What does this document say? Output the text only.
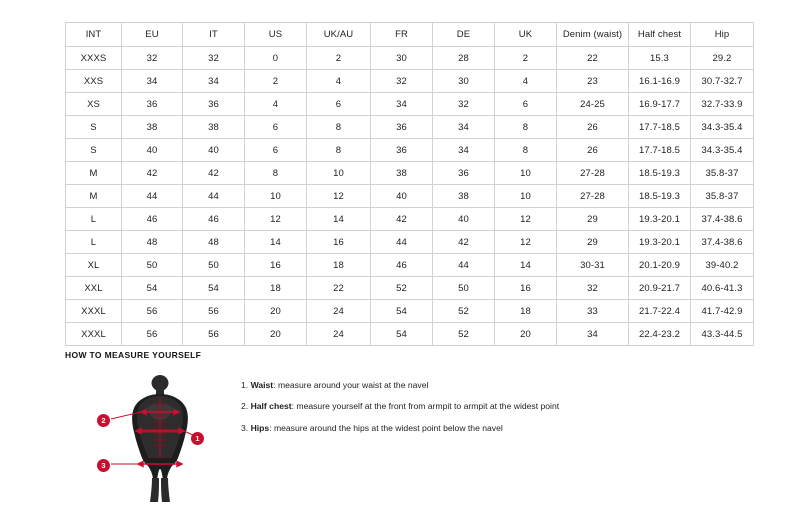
INT	EU	IT	US	UK/AU	FR	DE	UK	Denim (waist)	Half chest	Hip
XXXS	32	32	0	2	30	28	2	22	15.3	29.2
XXS	34	34	2	4	32	30	4	23	16.1-16.9	30.7-32.7
XS	36	36	4	6	34	32	6	24-25	16.9-17.7	32.7-33.9
S	38	38	6	8	36	34	8	26	17.7-18.5	34.3-35.4
S	40	40	6	8	36	34	8	26	17.7-18.5	34.3-35.4
M	42	42	8	10	38	36	10	27-28	18.5-19.3	35.8-37
M	44	44	10	12	40	38	10	27-28	18.5-19.3	35.8-37
L	46	46	12	14	42	40	12	29	19.3-20.1	37.4-38.6
L	48	48	14	16	44	42	12	29	19.3-20.1	37.4-38.6
XL	50	50	16	18	46	44	14	30-31	20.1-20.9	39-40.2
XXL	54	54	18	22	52	50	16	32	20.9-21.7	40.6-41.3
XXXL	56	56	20	24	54	52	18	33	21.7-22.4	41.7-42.9
XXXL	56	56	20	24	54	52	20	34	22.4-23.2	43.3-44.5
HOW TO MEASURE YOURSELF
1
2
3
1. Waist: measure around your waist at the navel
2. Half chest: measure yourself at the front from armpit to armpit at the widest point
3. Hips: measure around the hips at the widest point below the navel
